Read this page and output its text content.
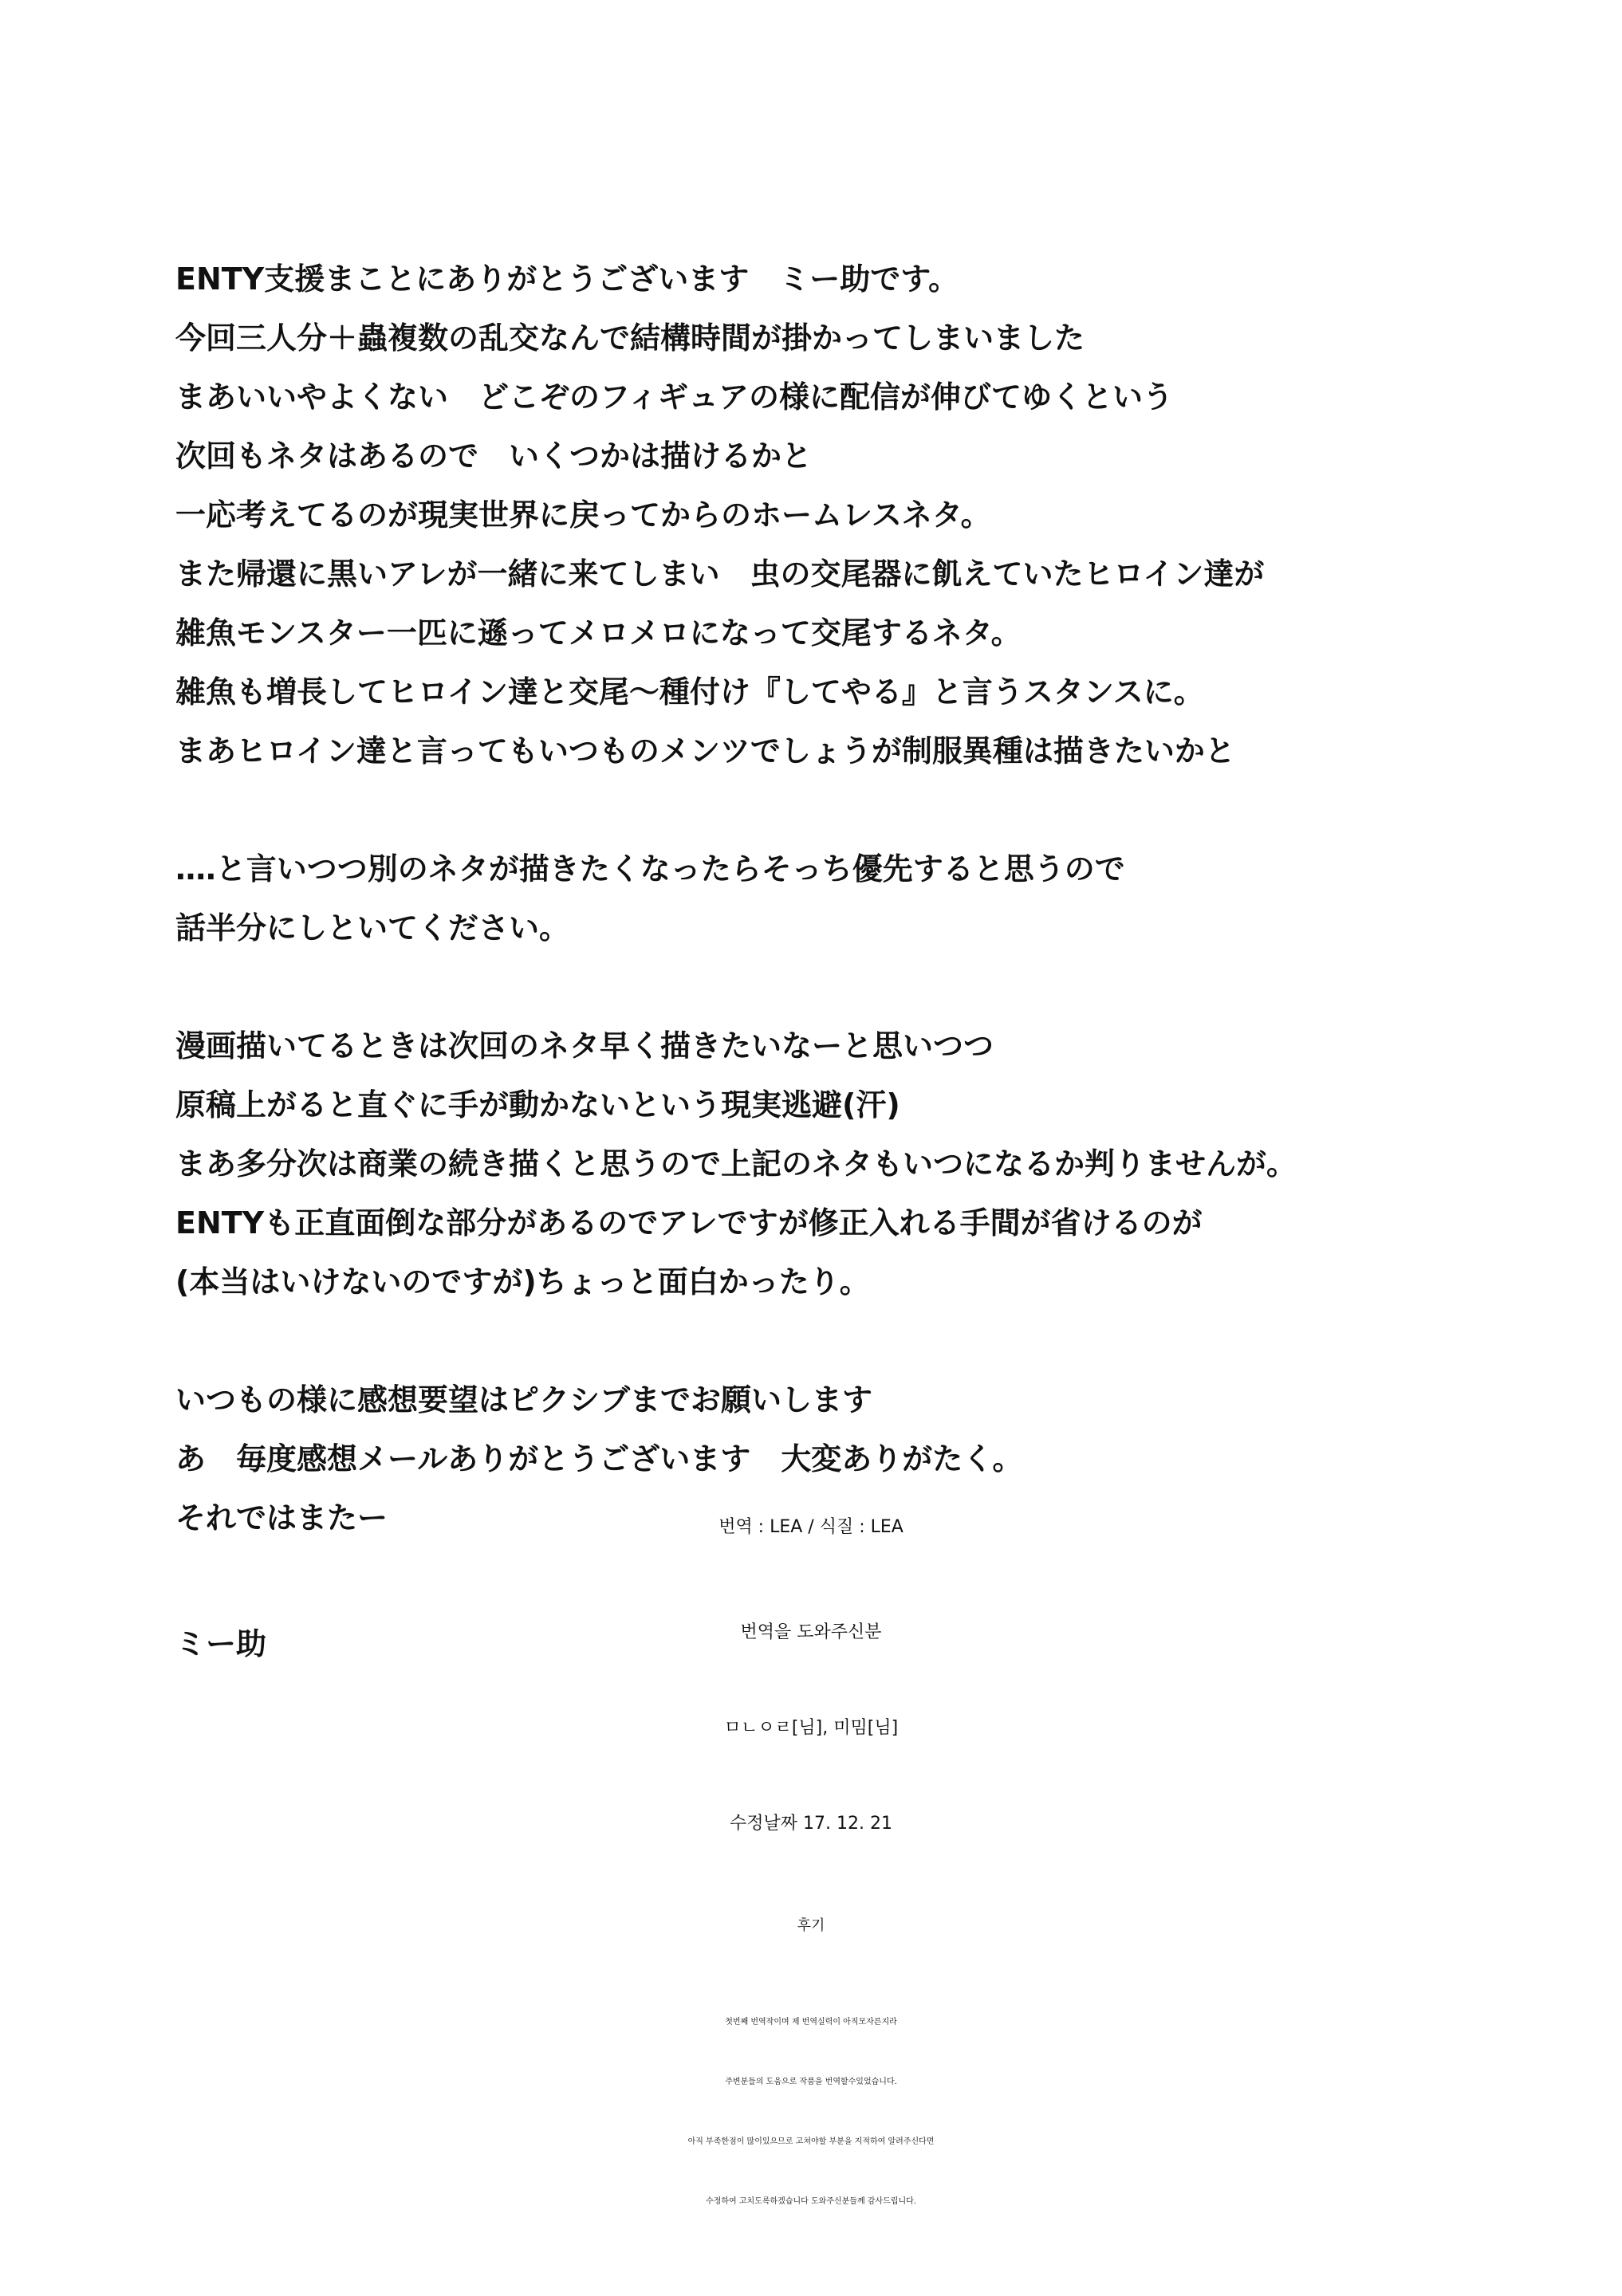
ENTY支援まことにありがとうございます　ミー助です。
今回三人分＋蟲複数の乱交なんで結構時間が掛かってしまいました
まあいいやよくない　どこぞのフィギュアの様に配信が伸びてゆくという
次回もネタはあるので　いくつかは描けるかと
一応考えてるのが現実世界に戻ってからのホームレスネタ。
また帰還に黒いアレが一緒に来てしまい　虫の交尾器に飢えていたヒロイン達が
雑魚モンスター一匹に遜ってメロメロになって交尾するネタ。
雑魚も増長してヒロイン達と交尾～種付け『してやる』と言うスタンスに。
まあヒロイン達と言ってもいつものメンツでしょうが制服異種は描きたいかと
‥‥と言いつつ別のネタが描きたくなったらそっち優先すると思うので
話半分にしといてください。
漫画描いてるときは次回のネタ早く描きたいなーと思いつつ
原稿上がると直ぐに手が動かないという現実逃避(汗)
まあ多分次は商業の続き描くと思うので上記のネタもいつになるか判りませんが。
ENTYも正直面倒な部分があるのでアレですが修正入れる手間が省けるのが
(本当はいけないのですが)ちょっと面白かったり。
いつもの様に感想要望はピクシブまでお願いします
あ　毎度感想メールありがとうございます　大変ありがたく。
それではまたー
ミー助
번역 : LEA / 식질 : LEA
번역을 도와주신분
ㅁㄴㅇㄹ[님], 미밈[님]
수정날짜 17. 12. 21
후기
첫번째 번역작이며 제 번역실력이 아직모자른지라
주변분들의 도움으로 작품을 번역할수있었습니다.
아직 부족한점이 많이있으므로 고쳐야할 부분을 지적하여 알려주신다면
수정하여 고치도록하겠습니다 도와주신분들께 감사드립니다.
